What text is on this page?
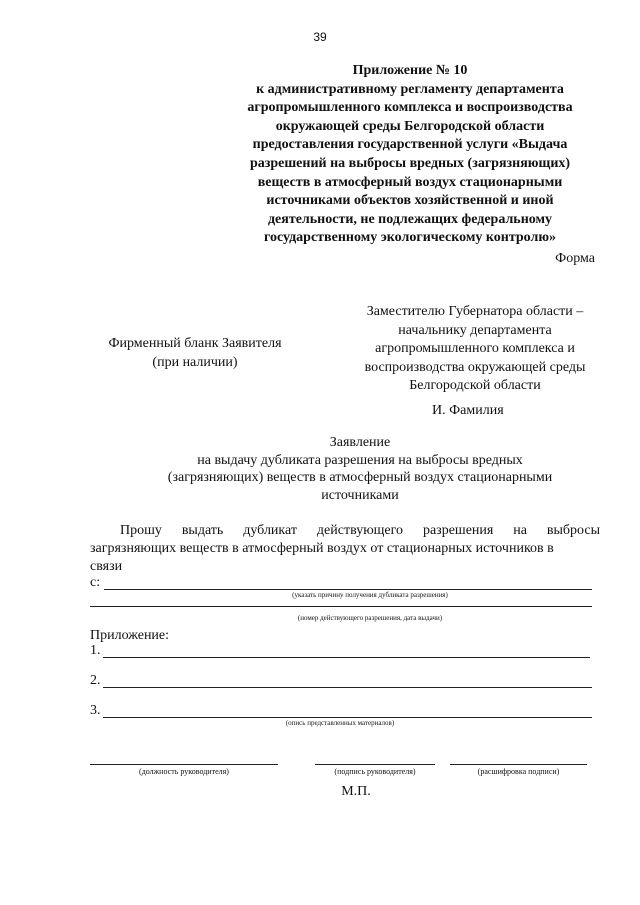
39
Приложение № 10
к административному регламенту департамента
агропромышленного комплекса и воспроизводства
окружающей среды Белгородской области
предоставления государственной услуги «Выдача
разрешений на выбросы вредных (загрязняющих)
веществ в атмосферный воздух стационарными
источниками объектов хозяйственной и иной
деятельности, не подлежащих федеральному
государственному экологическому контролю»
Форма
Заместителю Губернатора области –
начальнику департамента
агропромышленного комплекса и
воспроизводства окружающей среды
Белгородской области
Фирменный бланк Заявителя
(при наличии)
И. Фамилия
Заявление
на выдачу дубликата разрешения на выбросы вредных
(загрязняющих) веществ в атмосферный воздух стационарными
источниками
Прошу выдать дубликат действующего разрешения на выбросы
загрязняющих веществ в атмосферный воздух от стационарных источников в
связи
с:
(указать причину получения дубликата разрешения)
(номер действующего разрешения, дата выдачи)
Приложение:
1.
2.
3.
(опись представленных материалов)
(должность руководителя)	(подпись руководителя)	(расшифровка подписи)
М.П.
